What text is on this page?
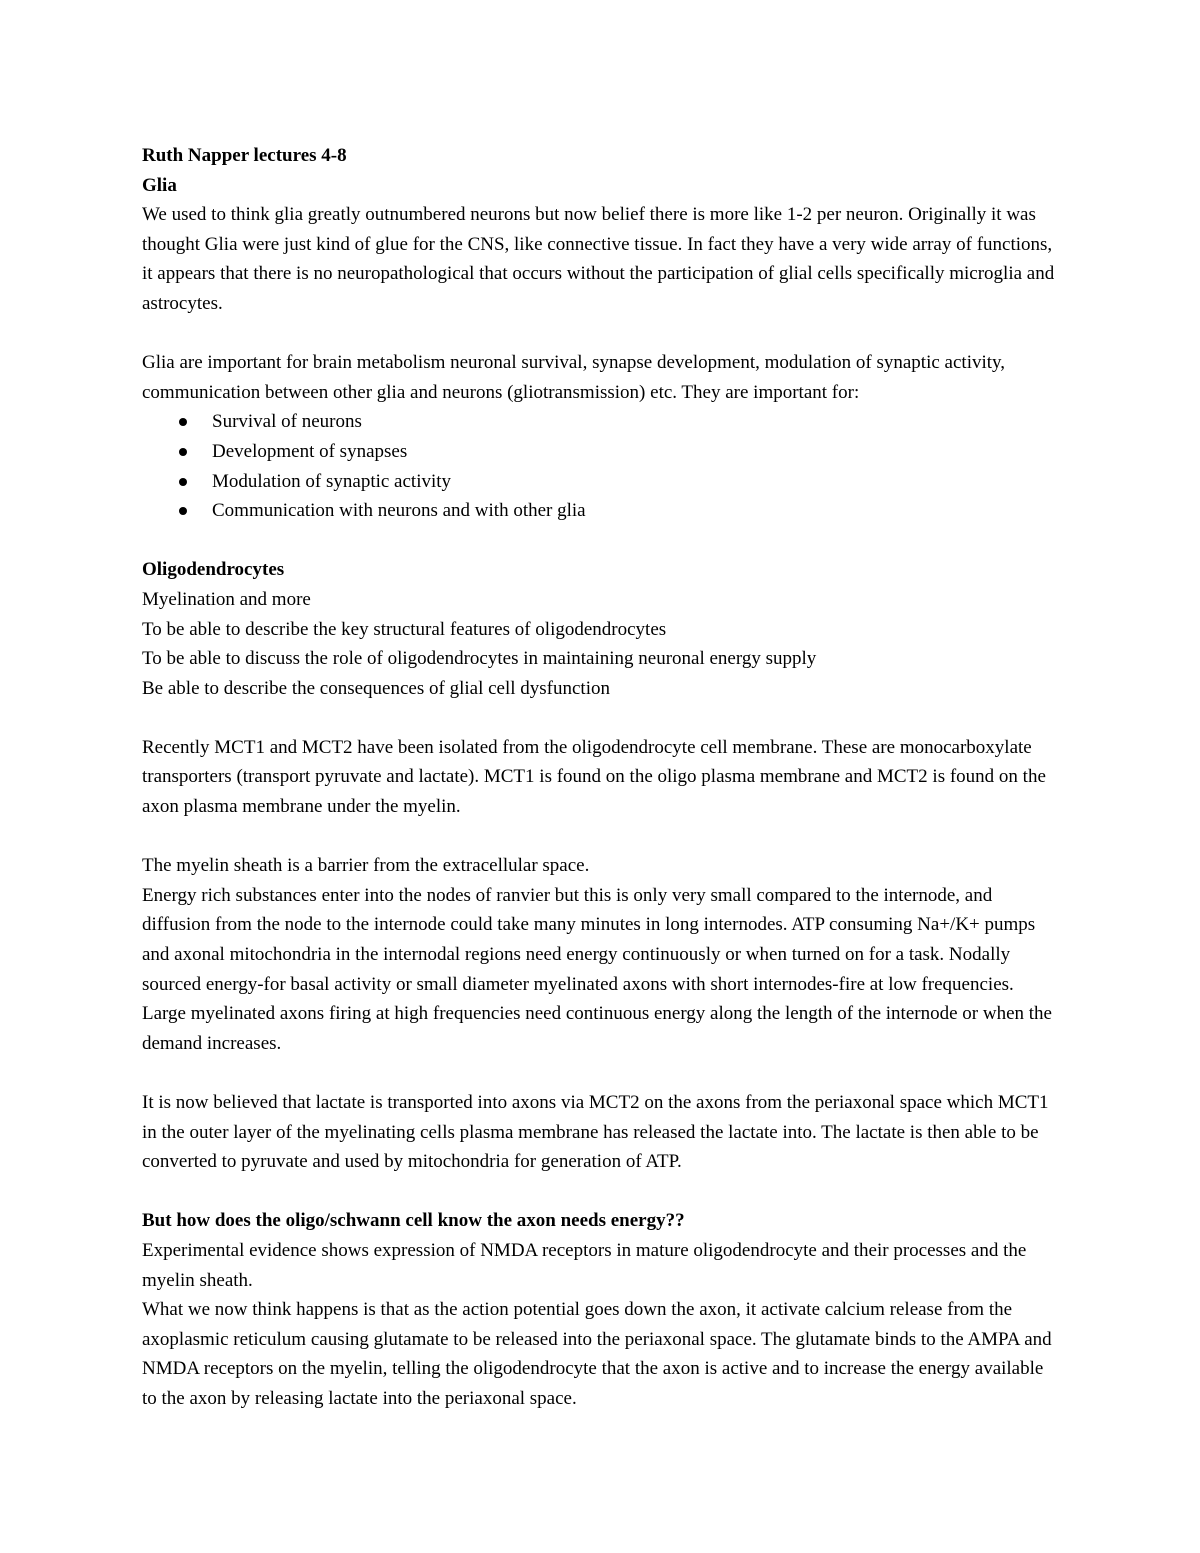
Ruth Napper lectures 4-8

Glia

We used to think glia greatly outnumbered neurons but now belief there is more like 1-2 per neuron. Originally it was thought Glia were just kind of glue for the CNS, like connective tissue. In fact they have a very wide array of functions, it appears that there is no neuropathological that occurs without the participation of glial cells specifically microglia and astrocytes.

Glia are important for brain metabolism neuronal survival, synapse development, modulation of synaptic activity, communication between other glia and neurons (gliotransmission) etc. They are important for:

Survival of neurons
Development of synapses
Modulation of synaptic activity
Communication with neurons and with other glia

Oligodendrocytes

Myelination and more

To be able to describe the key structural features of oligodendrocytes

To be able to discuss the role of oligodendrocytes in maintaining neuronal energy supply

Be able to describe the consequences of glial cell dysfunction

Recently MCT1 and MCT2 have been isolated from the oligodendrocyte cell membrane. These are monocarboxylate transporters (transport pyruvate and lactate). MCT1 is found on the oligo plasma membrane and MCT2 is found on the axon plasma membrane under the myelin.

The myelin sheath is a barrier from the extracellular space.

Energy rich substances enter into the nodes of ranvier but this is only very small compared to the internode, and diffusion from the node to the internode could take many minutes in long internodes. ATP consuming Na+/K+ pumps and axonal mitochondria in the internodal regions need energy continuously or when turned on for a task. Nodally sourced energy-for basal activity or small diameter myelinated axons with short internodes-fire at low frequencies. Large myelinated axons firing at high frequencies need continuous energy along the length of the internode or when the demand increases.

It is now believed that lactate is transported into axons via MCT2 on the axons from the periaxonal space which MCT1 in the outer layer of the myelinating cells plasma membrane has released the lactate into. The lactate is then able to be converted to pyruvate and used by mitochondria for generation of ATP.

But how does the oligo/schwann cell know the axon needs energy??

Experimental evidence shows expression of NMDA receptors in mature oligodendrocyte and their processes and the myelin sheath.

What we now think happens is that as the action potential goes down the axon, it activate calcium release from the axoplasmic reticulum causing glutamate to be released into the periaxonal space. The glutamate binds to the AMPA and NMDA receptors on the myelin, telling the oligodendrocyte that the axon is active and to increase the energy available to the axon by releasing lactate into the periaxonal space.
